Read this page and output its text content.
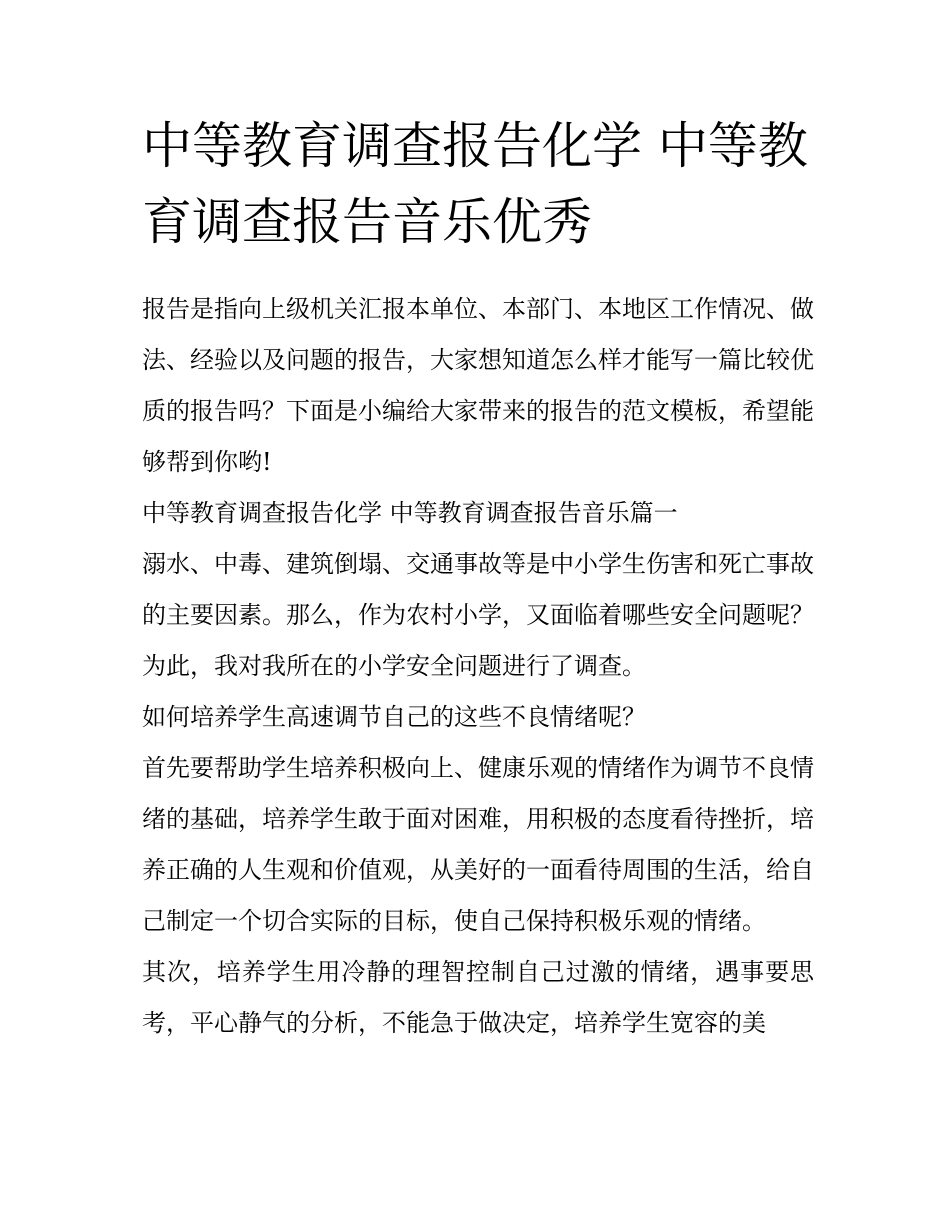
中等教育调查报告化学 中等教育调查报告音乐优秀

报告是指向上级机关汇报本单位、本部门、本地区工作情况、做法、经验以及问题的报告，大家想知道怎么样才能写一篇比较优质的报告吗？下面是小编给大家带来的报告的范文模板，希望能够帮到你哟!

中等教育调查报告化学 中等教育调查报告音乐篇一

溺水、中毒、建筑倒塌、交通事故等是中小学生伤害和死亡事故的主要因素。那么，作为农村小学，又面临着哪些安全问题呢？为此，我对我所在的小学安全问题进行了调查。

如何培养学生高速调节自己的这些不良情绪呢？

首先要帮助学生培养积极向上、健康乐观的情绪作为调节不良情绪的基础，培养学生敢于面对困难，用积极的态度看待挫折，培养正确的人生观和价值观，从美好的一面看待周围的生活，给自己制定一个切合实际的目标，使自己保持积极乐观的情绪。

其次，培养学生用冷静的理智控制自己过激的情绪，遇事要思考，平心静气的分析，不能急于做决定，培养学生宽容的美
